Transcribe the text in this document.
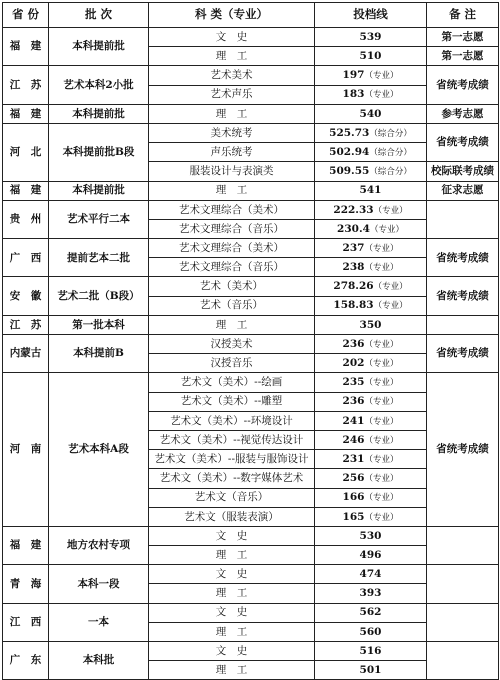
省 份	批 次	科 类（专业）	投档线	备 注
福　建	本科提前批	文　史	539	第一志愿
		理　工	510	第一志愿
江　苏	艺术本科2小批	艺术美术	197（专业）	省统考成绩
		艺术声乐	183（专业）	
福　建	本科提前批	理　工	540	参考志愿
河　北	本科提前批B段	美术统考	525.73（综合分）	省统考成绩
		声乐统考	502.94（综合分）	
		服装设计与表演类	509.55（综合分）	校际联考成绩
福　建	本科提前批	理　工	541	征求志愿
贵　州	艺术平行二本	艺术文理综合（美术）	222.33（专业）	
		艺术文理综合（音乐）	230.4（专业）	
广　西	提前艺本二批	艺术文理综合（美术）	237（专业）	省统考成绩
		艺术文理综合（音乐）	238（专业）	
安　徽	艺术二批（B段）	艺术（美术）	278.26（专业）	省统考成绩
		艺术（音乐）	158.83（专业）	
江　苏	第一批本科	理　工	350	
内蒙古	本科提前B	汉授美术	236（专业）	省统考成绩
		汉授音乐	202（专业）	
河　南	艺术本科A段	艺术文（美术）--绘画	235（专业）	省统考成绩
		艺术文（美术）--雕塑	236（专业）	
		艺术文（美术）--环境设计	241（专业）	
		艺术文（美术）--视觉传达设计	246（专业）	
		艺术文（美术）--服装与服饰设计	231（专业）	
		艺术文（美术）--数字媒体艺术	256（专业）	
		艺术文（音乐）	166（专业）	
		艺术文（服装表演）	165（专业）	
福　建	地方农村专项	文　史	530	
		理　工	496	
青　海	本科一段	文　史	474	
		理　工	393	
江　西	一本	文　史	562	
		理　工	560	
广　东	本科批	文　史	516	
		理　工	501	
